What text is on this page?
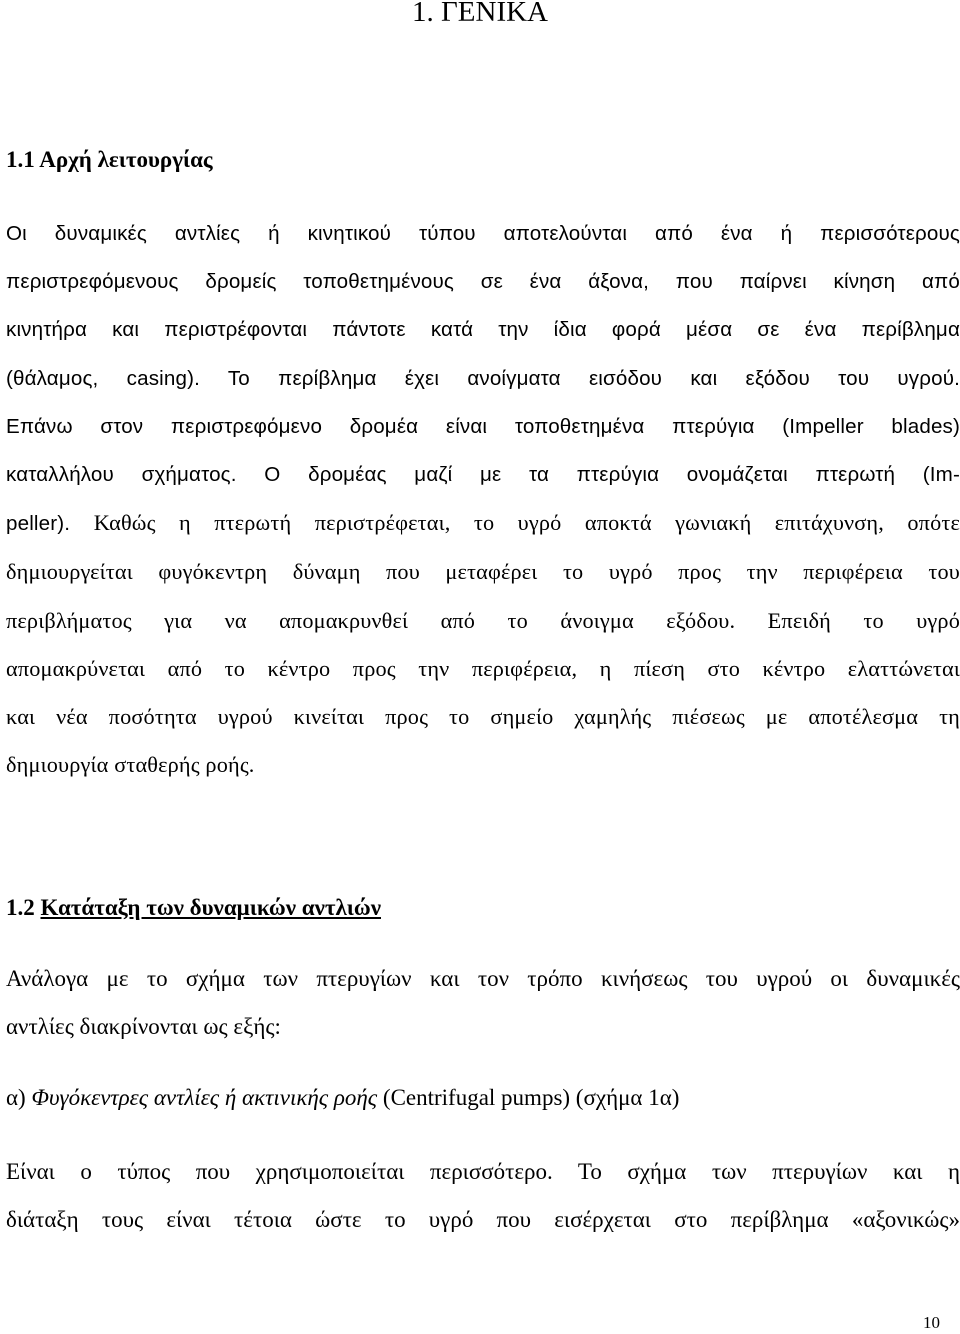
1. ΓΕΝΙΚΑ
1.1 Αρχή λειτουργίας
Οι δυναμικές αντλίες ή κινητικού τύπου αποτελούνται από ένα ή περισσότερους
περιστρεφόμενους δρομείς τοποθετημένους σε ένα άξονα, που παίρνει κίνηση από
κινητήρα και περιστρέφονται πάντοτε κατά την ίδια φορά μέσα σε ένα περίβλημα
(θάλαμος, casing). Το περίβλημα έχει ανοίγματα εισόδου και εξόδου του υγρού.
Επάνω στον περιστρεφόμενο δρομέα είναι τοποθετημένα πτερύγια (Impeller blades)
καταλλήλου σχήματος. Ο δρομέας μαζί με τα πτερύγια ονομάζεται πτερωτή (Im-
peller). Καθώς η πτερωτή περιστρέφεται, το υγρό αποκτά γωνιακή επιτάχυνση, οπότε
δημιουργείται φυγόκεντρη δύναμη που μεταφέρει το υγρό προς την περιφέρεια του
περιβλήματος για να απομακρυνθεί από το άνοιγμα εξόδου. Επειδή το υγρό
απομακρύνεται από το κέντρο προς την περιφέρεια, η πίεση στο κέντρο ελαττώνεται
και νέα ποσότητα υγρού κινείται προς το σημείο χαμηλής πιέσεως με αποτέλεσμα τη
δημιουργία σταθερής ροής.
1.2 Κατάταξη των δυναμικών αντλιών
Ανάλογα με το σχήμα των πτερυγίων και τον τρόπο κινήσεως του υγρού οι δυναμικές
αντλίες διακρίνονται ως εξής:
α) Φυγόκεντρες αντλίες ή ακτινικής ροής (Centrifugal pumps) (σχήμα 1α)
Είναι ο τύπος που χρησιμοποιείται περισσότερο. Το σχήμα των πτερυγίων και η
διάταξη τους είναι τέτοια ώστε το υγρό που εισέρχεται στο περίβλημα «αξονικώς»
10
